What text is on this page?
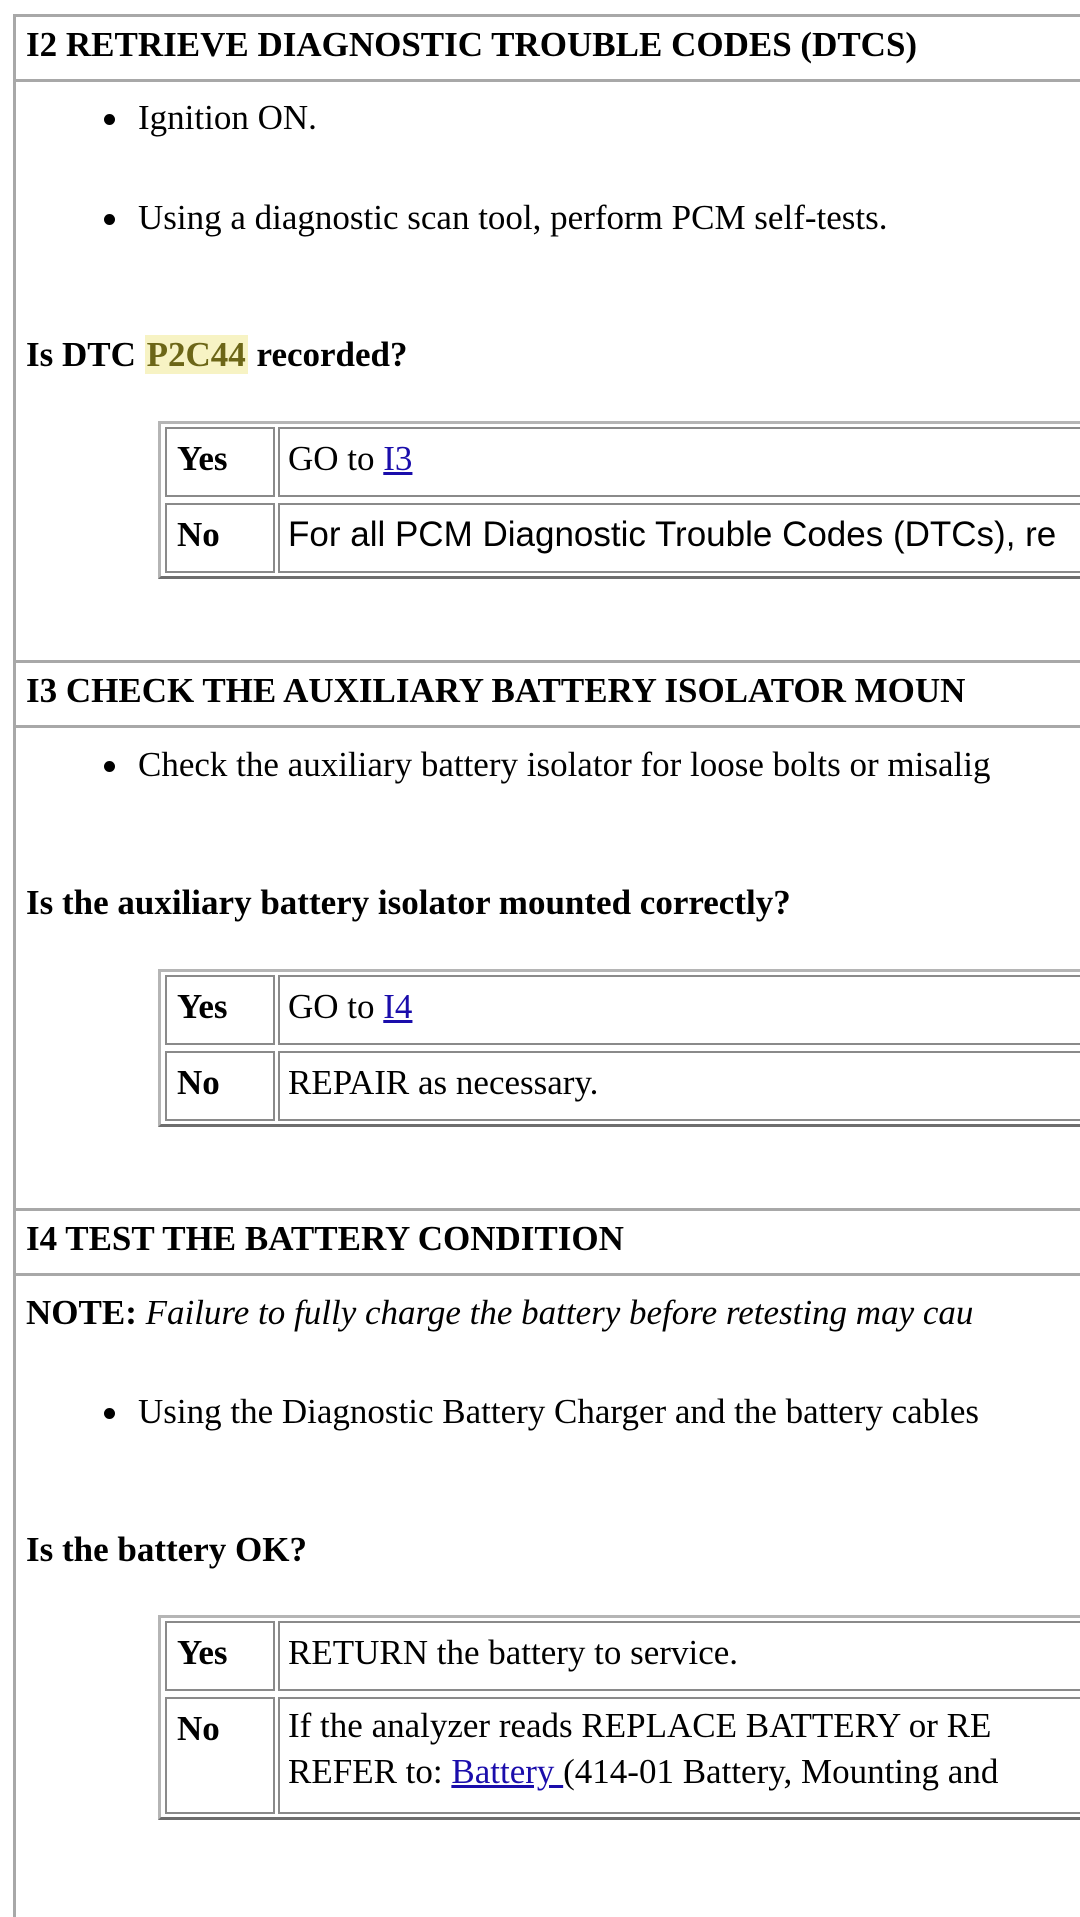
I2 RETRIEVE DIAGNOSTIC TROUBLE CODES (DTCS)
Ignition ON.
Using a diagnostic scan tool, perform PCM self-tests.
Is DTC P2C44 recorded?
Yes	GO to I3
No	For all PCM Diagnostic Trouble Codes (DTCs), re
I3 CHECK THE AUXILIARY BATTERY ISOLATOR MOUN
Check the auxiliary battery isolator for loose bolts or misalig
Is the auxiliary battery isolator mounted correctly?
Yes	GO to I4
No	REPAIR as necessary.
I4 TEST THE BATTERY CONDITION
NOTE: Failure to fully charge the battery before retesting may cau
Using the Diagnostic Battery Charger and the battery cables
Is the battery OK?
Yes	RETURN the battery to service.
No	If the analyzer reads REPLACE BATTERY or RE
REFER to: Battery (414-01 Battery, Mounting and
